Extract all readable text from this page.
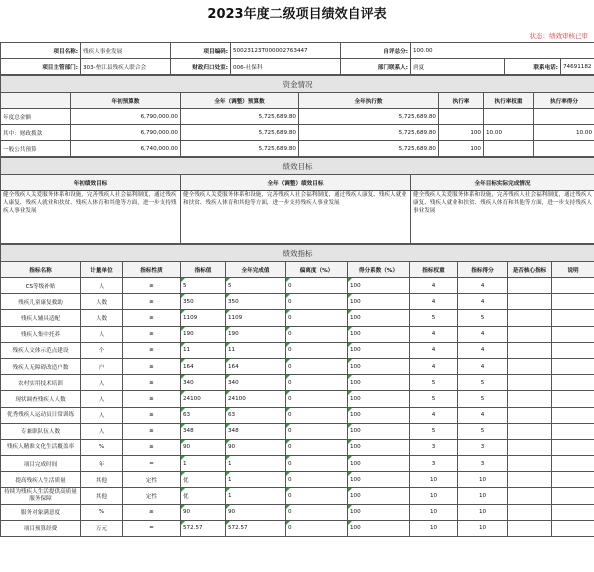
2023年度二级项目绩效自评表
状态：绩效审核已审
项目名称:	残疾人事业发展	项目编码:	50023123T000002763447	自评总分:	100.00		
项目主管部门:	303-垫江县残疾人联合会	财政归口处室:	006-社保科	部门联系人:	唐夏	联系电话:	74691182
资金情况						
	年初预算数	全年（调整）预算数	全年执行数	执行率	执行率权重	执行率得分
年度总金额	6,790,000.00	5,725,689.80	5,725,689.80			
其中：财政拨款	6,790,000.00	5,725,689.80	5,725,689.80	100	10.00	10.00
一般公共预算	6,740,000.00	5,725,689.80	5,725,689.80	100		
绩效目标		
年初绩效目标	全年（调整）绩效目标	全年目标实际完成情况
健全残疾人关爱服务体系和设施，完善残疾人社会福利制度，通过残疾人康复、残疾人就业和扶贫、残疾人体育和其他等方面，进一步支持残疾人事业发展	健全残疾人关爱服务体系和设施，完善残疾人社会福利制度，通过残疾人康复、残疾人就业和扶贫、残疾人体育和其他等方面，进一步支持残疾人事业发展	健全残疾人关爱服务体系和设施，完善残疾人社会福利制度，通过残疾人康复、残疾人就业和扶贫、残疾人体育和其他等方面，进一步支持残疾人事业发展
绩效指标										
指标名称	计量单位	指标性质	指标值	全年完成值	偏离度（%）	得分系数（%）	指标权重	指标得分	是否核心指标	说明
CS等级补贴	人	≥	5	5	0	100	4	4		
残疾儿童康复救助	人数	≥	350	350	0	100	4	4		
残疾人辅具适配	人数	≥	1109	1109	0	100	5	5		
残疾人集中托养	人	≥	190	190	0	100	4	4		
残疾人文体示范点建设	个	≥	11	11	0	100	4	4		
残疾人无障碍改造户数	户	≥	164	164	0	100	4	4		
农村实用技术培训	人	≥	340	340	0	100	5	5		
现状调查残疾人人数	人	≥	24100	24100	0	100	5	5		
优秀残疾人运动员日常训练	人	≥	63	63	0	100	4	4		
专兼职队伍人数	人	≥	348	348	0	100	5	5		
残疾人精准文化生活覆盖率	%	≥	90	90	0	100	3	3		
项目完成时间	年	=	1	1	0	100	3	3		
提高残疾人生活质量	其他	定性	优	1	0	100	10	10		
持续为残疾人生活提供高质量服务保障	其他	定性	优	1	0	100	10	10		
服务对象满意度	%	≥	90	90	0	100	10	10		
项目预算经费	万元	=	572.57	572.57	0	100	10	10		
